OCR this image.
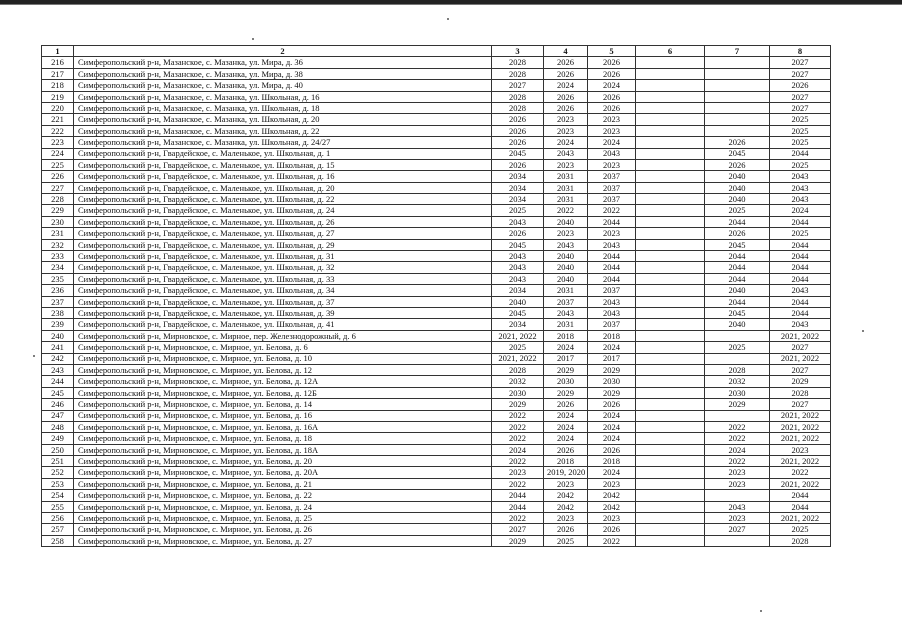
1	2	3	4	5	6	7	8
216	Симферопольский р-н, Мазанское, с. Мазанка, ул. Мира, д. 36	2028	2026	2026			2027
217	Симферопольский р-н, Мазанское, с. Мазанка, ул. Мира, д. 38	2028	2026	2026			2027
218	Симферопольский р-н, Мазанское, с. Мазанка, ул. Мира, д. 40	2027	2024	2024			2026
219	Симферопольский р-н, Мазанское, с. Мазанка, ул. Школьная, д. 16	2028	2026	2026			2027
220	Симферопольский р-н, Мазанское, с. Мазанка, ул. Школьная, д. 18	2028	2026	2026			2027
221	Симферопольский р-н, Мазанское, с. Мазанка, ул. Школьная, д. 20	2026	2023	2023			2025
222	Симферопольский р-н, Мазанское, с. Мазанка, ул. Школьная, д. 22	2026	2023	2023			2025
223	Симферопольский р-н, Мазанское, с. Мазанка, ул. Школьная, д. 24/27	2026	2024	2024		2026	2025
224	Симферопольский р-н, Гвардейское, с. Маленькое, ул. Школьная, д. 1	2045	2043	2043		2045	2044
225	Симферопольский р-н, Гвардейское, с. Маленькое, ул. Школьная, д. 15	2026	2023	2023		2026	2025
226	Симферопольский р-н, Гвардейское, с. Маленькое, ул. Школьная, д. 16	2034	2031	2037		2040	2043
227	Симферопольский р-н, Гвардейское, с. Маленькое, ул. Школьная, д. 20	2034	2031	2037		2040	2043
228	Симферопольский р-н, Гвардейское, с. Маленькое, ул. Школьная, д. 22	2034	2031	2037		2040	2043
229	Симферопольский р-н, Гвардейское, с. Маленькое, ул. Школьная, д. 24	2025	2022	2022		2025	2024
230	Симферопольский р-н, Гвардейское, с. Маленькое, ул. Школьная, д. 26	2043	2040	2044		2044	2044
231	Симферопольский р-н, Гвардейское, с. Маленькое, ул. Школьная, д. 27	2026	2023	2023		2026	2025
232	Симферопольский р-н, Гвардейское, с. Маленькое, ул. Школьная, д. 29	2045	2043	2043		2045	2044
233	Симферопольский р-н, Гвардейское, с. Маленькое, ул. Школьная, д. 31	2043	2040	2044		2044	2044
234	Симферопольский р-н, Гвардейское, с. Маленькое, ул. Школьная, д. 32	2043	2040	2044		2044	2044
235	Симферопольский р-н, Гвардейское, с. Маленькое, ул. Школьная, д. 33	2043	2040	2044		2044	2044
236	Симферопольский р-н, Гвардейское, с. Маленькое, ул. Школьная, д. 34	2034	2031	2037		2040	2043
237	Симферопольский р-н, Гвардейское, с. Маленькое, ул. Школьная, д. 37	2040	2037	2043		2044	2044
238	Симферопольский р-н, Гвардейское, с. Маленькое, ул. Школьная, д. 39	2045	2043	2043		2045	2044
239	Симферопольский р-н, Гвардейское, с. Маленькое, ул. Школьная, д. 41	2034	2031	2037		2040	2043
240	Симферопольский р-н, Мирновское, с. Мирное, пер. Железнодорожный, д. 6	2021, 2022	2018	2018			2021, 2022
241	Симферопольский р-н, Мирновское, с. Мирное, ул. Белова, д. 6	2025	2024	2024		2025	2027
242	Симферопольский р-н, Мирновское, с. Мирное, ул. Белова, д. 10	2021, 2022	2017	2017			2021, 2022
243	Симферопольский р-н, Мирновское, с. Мирное, ул. Белова, д. 12	2028	2029	2029		2028	2027
244	Симферопольский р-н, Мирновское, с. Мирное, ул. Белова, д. 12А	2032	2030	2030		2032	2029
245	Симферопольский р-н, Мирновское, с. Мирное, ул. Белова, д. 12Б	2030	2029	2029		2030	2028
246	Симферопольский р-н, Мирновское, с. Мирное, ул. Белова, д. 14	2029	2026	2026		2029	2027
247	Симферопольский р-н, Мирновское, с. Мирное, ул. Белова, д. 16	2022	2024	2024			2021, 2022
248	Симферопольский р-н, Мирновское, с. Мирное, ул. Белова, д. 16А	2022	2024	2024		2022	2021, 2022
249	Симферопольский р-н, Мирновское, с. Мирное, ул. Белова, д. 18	2022	2024	2024		2022	2021, 2022
250	Симферопольский р-н, Мирновское, с. Мирное, ул. Белова, д. 18А	2024	2026	2026		2024	2023
251	Симферопольский р-н, Мирновское, с. Мирное, ул. Белова, д. 20	2022	2018	2018		2022	2021, 2022
252	Симферопольский р-н, Мирновское, с. Мирное, ул. Белова, д. 20А	2023	2019, 2020	2024		2023	2022
253	Симферопольский р-н, Мирновское, с. Мирное, ул. Белова, д. 21	2022	2023	2023		2023	2021, 2022
254	Симферопольский р-н, Мирновское, с. Мирное, ул. Белова, д. 22	2044	2042	2042			2044
255	Симферопольский р-н, Мирновское, с. Мирное, ул. Белова, д. 24	2044	2042	2042		2043	2044
256	Симферопольский р-н, Мирновское, с. Мирное, ул. Белова, д. 25	2022	2023	2023		2023	2021, 2022
257	Симферопольский р-н, Мирновское, с. Мирное, ул. Белова, д. 26	2027	2026	2026		2027	2025
258	Симферопольский р-н, Мирновское, с. Мирное, ул. Белова, д. 27	2029	2025	2022			2028
